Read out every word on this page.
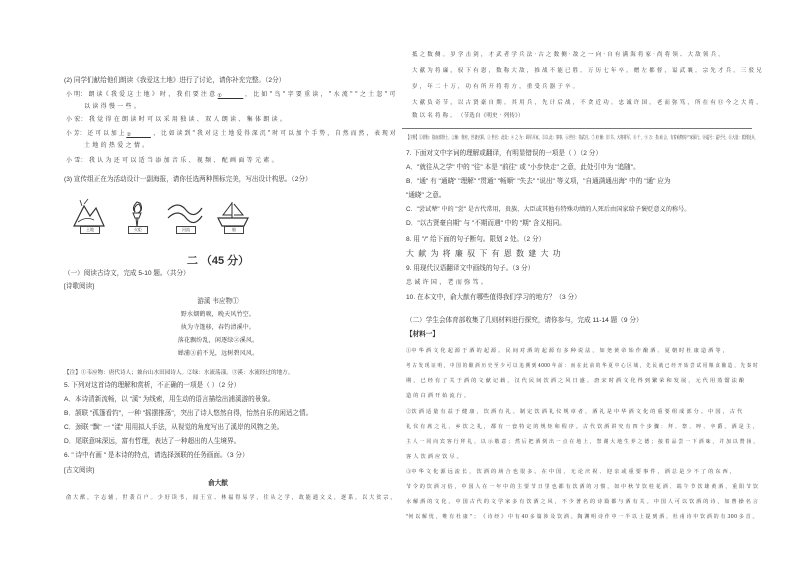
(2) 同学们献给他们朗读《我爱这土地》进行了讨论，请你补充完整。（2分）
小 明： 朗 读《 我 爱 这 土 地 》 时 ， 我 们 要 注 意 ①	， 比 如 " 鸟 " 字 要 重 读 ， " 水 流 " " 之 土 忽 " 可
以 读 得 慢 一 些 。
小 宏： 我 觉 得 在 朗 读 时 可 以 采 用 独 读 、 双 人 朗 读 、 集 体 朗 读 。
小 芳： 还 可 以 加 上 ②	， 比 如 读 到 " 我 对 这 土 地 爱 得 深 沉 " 时 可 以 加 个 手 势 ， 自 然 而 然 ， 表 现 对
土 地 的 热 爱 之 情 。
小 雪： 我 认 为 还 可 以 适 当 添 加 音 乐 、 视 频 、 配 画 面 等 元 素 。
(3) 宣传组正在为活动设计一副海报，请你任选两种图标完美，写出设计构思。（2分）
土地	火炬	河流	船
二 （45 分）
（一）阅读古诗文，完成 5-10 题。（共分）
[诗歌阅读]
游溪 韦应物①
野水烟鹤唳，晚天风竹空。
执为寺篷移，春钓清溪中。
落花飘纷乱，闲逐绿②溪风。
婵浦③前不见，远树碧风风。
【注】①韦应物：唐代诗人；兼台山水田园诗人。②绿：水流荡漾。③溪：水流经过的地方。
5. 下列对这首诗的理解和赏析，不正确的一项是（ ）（2 分）
A．本诗清新流畅，以 "溪" 为线索，用生动的语言描绘出浦溪游的景象。
B．颔联 "孤篷看钓"，一种 "摇摆推荡"，突出了诗人悠然自得，怡然自乐的闲适之情。
C．颈联 "飘" 一 "漾" 用用拟人手法，从视觉的角度写出了溪岸的风物之美。
D．尾联意味深远，富有哲理，表达了一种超出的人生境界。
6. " 诗中有画 " 是本诗的特点，请选择颈联的任务画面。（3 分）
[古文阅读]
俞大猷
俞 大 猷 ， 字 志 辅 ， 世 袭 百 户 。 少 好 读 书 ， 闻 王 宣 、 林 福 得 易 学 ， 往 从 之 学 ， 故 能 通 文 义 ， 逐 系 ， 以 大 贫 宗 ，
抵 之 数 侧 。 岁 学 击 剑 ， 才 武 者 学 兵 法 · 古 之 数 侧 · 敌 之 一 向 · 自 有 满 海 将 家 · 尚 将 领 、 大 敌 领 兵 。
大 献 为 将 廉 ， 驭 下 有 恩 ， 数 称 大 敌 ， 推 战 不 能 已 胜 。 万 历 七 年 卒 ， 赠 左 都 督 ， 谥 武 襄 。 宗 先 才 兵 。 三 驳 兄
岁 ， 年 二 十 万 ， 功 有 所 开 将 将 方 ， 重 受 兵 器 于 卒 。
大 献 负 奇 节 ， 以 古 贤 豪 自 期 。 其 用 兵 ， 先 计 后 战 ， 不 贪 近 功 。 忠 诚 许 国 ， 老 而 弥 笃 ， 所 在 有 ⑪ 今 之 大 将 ，
数 以 名 将 称 。 （节选自《明史 · 列传》）
【注释】①谓衔：指南部督士。②辅：督府，世袭官职。③ 世官：此处：④ 之 为：调军兵家，⑤以 此：事事，⑥世官：指武官。⑦ 府 辅：旧 书，大将将军，⑧ 千 ，⑨ 万：指 商 会，有着商物的产家保行。⑩谥号：谥号号，⑪大量：派到处兵。
7. 下面对文中字词的理解或翻译，有明显错误的一项是（ ）（2 分）
A．"就往从之学" 中的 "往" 本是 "前往" 或 "小步快走" 之意，此处引申为 "追随"。
B．"通" 有 "通晓" "理解" "贯通" "畅顺" "失去" "说出" 等义项，"自通满通出海" 中的 "通" 应为
"通晓" 之意。
C．"尝试辇" 中的 "尝" 是古代常用，贵族、大臣或其他有特殊功绩的人死后由国家给予褒贬意义的称号。
D．"以古贤豪自期" 与 "不期而遇" 中的 "期" 含义相同。
8. 用 "/" 给下面的句子断句。限划 2 处。（2 分）
大 献 为 将 廉 驭 下 有 恩 数 建 大 功
9. 用现代汉语翻译文中画线的句子。（3 分）
忠 诚 许 国 ， 老 而 弥 笃 。
10. 在本文中，俞大猷有哪些值得我们学习的地方？（3 分）
（二）学生会体育部收集了几则材料进行探究，请你参与，完成 11-14 题（9 分）
【材料一】
①中 华 酒 文 化 起 源 于 酒 的 起 源 。 民 间 对 酒 的 起 源 有 多 种 说 法 ， 如 尧 黄 帝 始 作 酿 酒 、 夏 朝 时 杜 康 造 酒 等 ，
考 古 发 现 证 明 ， 中 国 的 酿 酒 历 史 至 少 可 以 追 溯 到 4000 年 前 ： 而 在 此 前 的 华 夏 中 心 区 域 ， 先 民 就 已 经 开 始 尝 试 用 粮 食 酿 造 ， 先 秦 时
期 ， 已 经 有 了 关 于 酒 的 文 献 记 载 ， 汉 代 民 间 饮 酒 之 风 日 盛 。 唐 宋 时 酒 文 化 得 到 繁 荣 和 发 展 ， 元 代 用 蒸 馏 法 酿
造 的 白 酒 开 始 流 行 。
②饮 酒 适 量 有 益 于 健 康 ， 饮 酒 有 礼 。 制 定 饮 酒 礼 仪 规 章 者 ， 酒 礼 是 中 华 酒 文 化 的 重 要 组 成 部 分 。 中 国 ， 古 代
礼 仪 有 席 之 礼 、 乡 饮 之 礼 ， 都 有 一 套 特 定 的 规 矩 和 程 序 。 古 代 饮 酒 讲 究 有 四 个 步 骤 ： 拜 、 祭 、 啐 、 卒 爵 。 酒 是 主 ，
主 人 一 同 向 宾 客 行 拜 礼 ， 以 示 敬 意 ； 然 后 把 酒 倒 出 一 点 在 地 上 ， 祭 谢 大 地 生 养 之 德 ； 接 着 品 尝 一 下 酒 味 ， 并 加 以 赞 扬 ，
客 人 饮 酒 应 饮 尽 。
③中 华 文 化 源 远 流 长 ， 饮 酒 的 场 合 也 很 多 。 在 中 国 ， 无 论 庆 祝 、 迎 亲 或 重 要 事 件 ， 酒 总 是 少 不 了 的 东 西 ，
节 令 的 饮 酒 习 俗 ， 中 国 人 在 一 年 中 的 主 要 节 日 里 也 都 有 饮 酒 的 习 惯 ， 如 中 秋 节 饮 桂 花 酒 、 端 午 节 饮 雄 黄 酒 ， 重 阳 节 饮
水 解 酒 的 文 化 。 中 国 古 代 的 文 学 家 多 有 饮 酒 之 风 ， 不 少 著 名 的 诗 篇 都 与 酒 有 关 。 中 国 人 可 以 饮 酒 的 诗 ， 如 曹 操 名 言
"何 以 解 忧 ， 唯 有 杜 康 " ； 《 诗 经 》 中 有 40 多 篇 涉 及 饮 酒 。 陶 渊 明 诗 作 中 一 半 以 上 提 到 酒 ， 杜 甫 诗 中 饮 酒 的 有 300 多 首 。
